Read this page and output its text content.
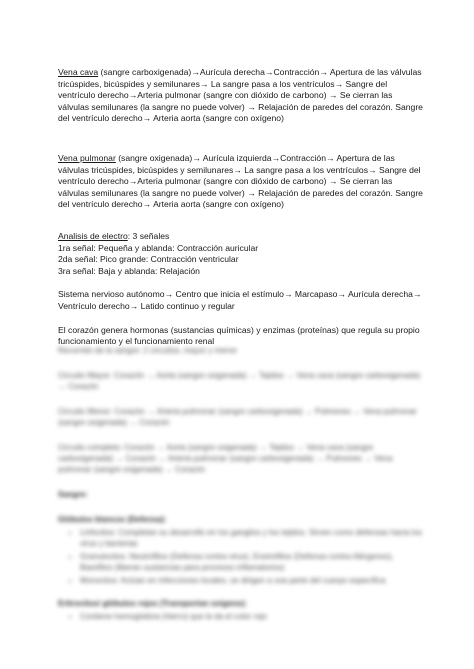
Vena cava (sangre carboxigenada)→Aurícula derecha→Contracción→ Apertura de las válvulas tricúspides, bicúspides y semilunares→ La sangre pasa a los ventrículos→ Sangre del ventrículo derecho→Arteria pulmonar (sangre con dióxido de carbono) → Se cierran las válvulas semilunares (la sangre no puede volver) → Relajación de paredes del corazón. Sangre del ventrículo derecho→ Arteria aorta (sangre con oxígeno)

Vena pulmonar (sangre oxigenada)→ Aurícula izquierda→Contracción→ Apertura de las válvulas tricúspides, bicúspides y semilunares→ La sangre pasa a los ventrículos→ Sangre del ventrículo derecho→Arteria pulmonar (sangre con dióxido de carbono) → Se cierran las válvulas semilunares (la sangre no puede volver) → Relajación de paredes del corazón. Sangre del ventrículo derecho→ Arteria aorta (sangre con oxígeno)

Analisis de electro: 3 señales
1ra señal: Pequeña y ablanda: Contracción auricular
2da señal: Pico grande: Contracción ventricular
3ra señal: Baja y ablanda: Relajación

Sistema nervioso autónomo→ Centro que inicia el estímulo→ Marcapaso→ Aurícula derecha→ Ventrículo derecho→ Latido continuo y regular

El corazón genera hormonas (sustancias químicas) y enzimas (proteínas) que regula su propio funcionamiento y el funcionamiento renal

Recorrido de la sangre: 2 circuitos, mayor y menor

Circuito Mayor: Corazón → Aorta (sangre oxigenada) → Tejidos → Vena cava (sangre carboxigenada) → Corazón

Circuito Menor: Corazón → Arteria pulmonar (sangre carboxigenada) → Pulmones → Vena pulmonar (sangre oxigenada) → Corazón

Circuito completo: Corazón → Aorta (sangre oxigenada) → Tejidos → Vena cava (sangre carboxigenada) → Corazón → Arteria pulmonar (sangre carboxigenada) → Pulmones → Vena pulmonar (sangre oxigenada) → Corazón

Sangre:

Glóbulos blancos (Defensa):

• Linfocitos: Completan su desarrollo en los ganglios y los tejidos. Sirven como defensas hacia los virus y bacterias
• Granulocitos: Neutrófilos (Defensa contra virus), Eosinófilos (Defensa contra Alérgenos), Basófilos (liberan sustancias para procesos inflamatorios)
• Monocitos: Actúan en infecciones locales, se dirigen a una parte del cuerpo específica

Eritrocitos/ glóbulos rojos (Transportan oxígeno):

• Contiene hemoglobina (hierro) que le da el color rojo
